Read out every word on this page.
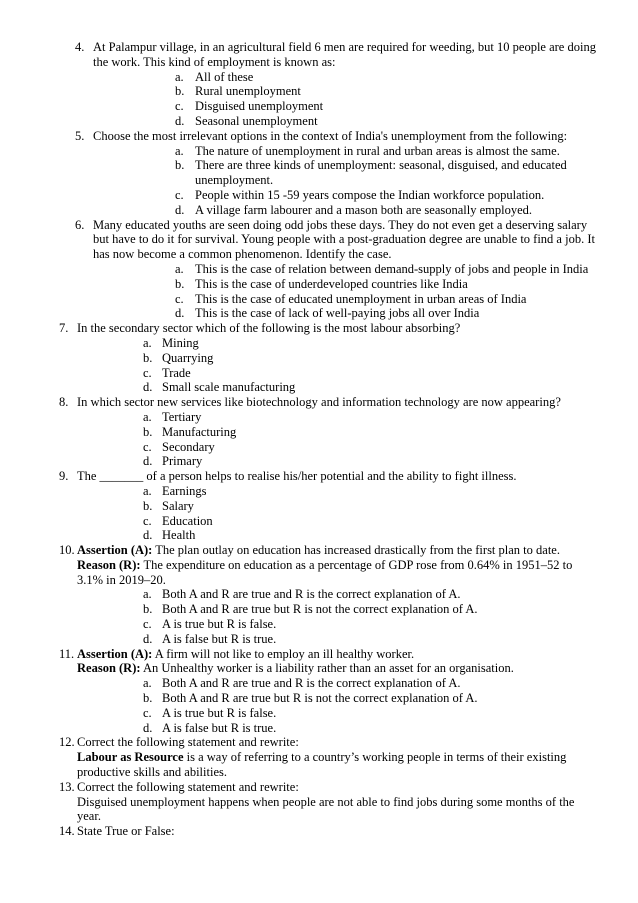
4. At Palampur village, in an agricultural field 6 men are required for weeding, but 10 people are doing the work. This kind of employment is known as:

a. All of these
b. Rural unemployment
c. Disguised unemployment
d. Seasonal unemployment
5. Choose the most irrelevant options in the context of India's unemployment from the following:

a. The nature of unemployment in rural and urban areas is almost the same.
b. There are three kinds of unemployment: seasonal, disguised, and educated unemployment.
c. People within 15 -59 years compose the Indian workforce population.
d. A village farm labourer and a mason both are seasonally employed.
6. Many educated youths are seen doing odd jobs these days. They do not even get a deserving salary but have to do it for survival. Young people with a post-graduation degree are unable to find a job. It has now become a common phenomenon. Identify the case.

a. This is the case of relation between demand-supply of jobs and people in India
b. This is the case of underdeveloped countries like India
c. This is the case of educated unemployment in urban areas of India
d. This is the case of lack of well-paying jobs all over India
7. In the secondary sector which of the following is the most labour absorbing?

a. Mining
b. Quarrying
c. Trade
d. Small scale manufacturing
8. In which sector new services like biotechnology and information technology are now appearing?

a. Tertiary
b. Manufacturing
c. Secondary
d. Primary
9. The _______ of a person helps to realise his/her potential and the ability to fight illness.

a. Earnings
b. Salary
c. Education
d. Health
10. Assertion (A): The plan outlay on education has increased drastically from the first plan to date.

Reason (R): The expenditure on education as a percentage of GDP rose from 0.64% in 1951–52 to 3.1% in 2019–20.

a. Both A and R are true and R is the correct explanation of A.
b. Both A and R are true but R is not the correct explanation of A.
c. A is true but R is false.
d. A is false but R is true.
11. Assertion (A): A firm will not like to employ an ill healthy worker.

Reason (R): An Unhealthy worker is a liability rather than an asset for an organisation.

a. Both A and R are true and R is the correct explanation of A.
b. Both A and R are true but R is not the correct explanation of A.
c. A is true but R is false.
d. A is false but R is true.
12. Correct the following statement and rewrite:

Labour as Resource is a way of referring to a country’s working people in terms of their existing productive skills and abilities.

13. Correct the following statement and rewrite:

Disguised unemployment happens when people are not able to find jobs during some months of the year.

14. State True or False:
